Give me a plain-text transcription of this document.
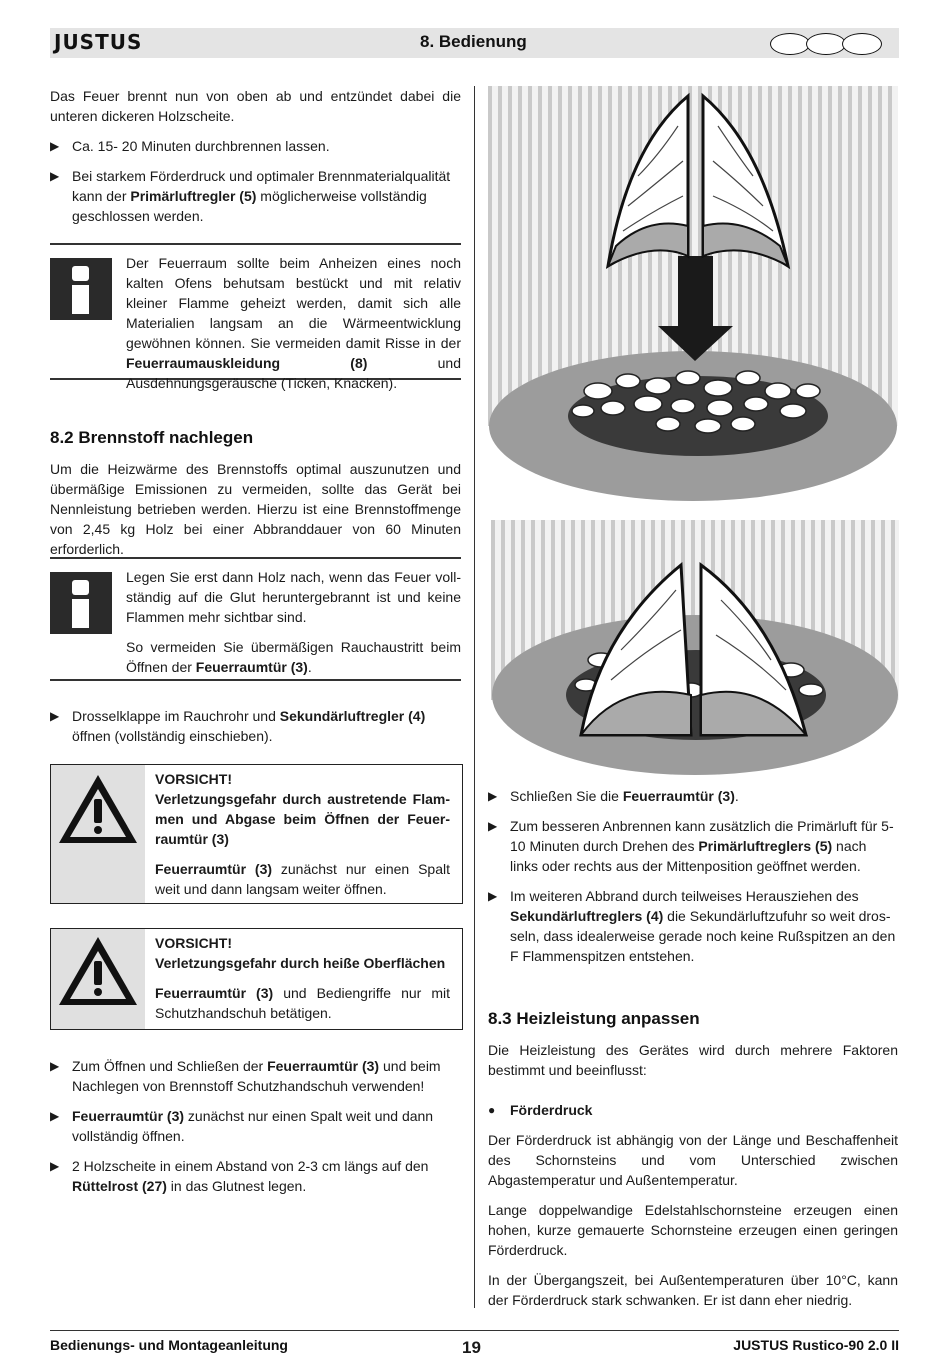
JUSTUS	8. Bedienung

Das Feuer brennt nun von oben ab und entzündet dabei die unteren dickeren Holzscheite.

▶ Ca. 15- 20 Minuten durchbrennen lassen.
▶ Bei starkem Förderdruck und optimaler Brennmaterialqualität kann der Primärluftregler (5) möglicherweise vollständig geschlossen werden.

Der Feuerraum sollte beim Anheizen eines noch kalten Ofens behutsam bestückt und mit relativ kleiner Flamme geheizt werden, damit sich alle Materialien langsam an die Wärmeentwicklung gewöhnen können. Sie vermeiden damit Risse in der Feuerraumauskleidung (8) und Ausdehnungsgeräusche (Ticken, Knacken).

8.2 Brennstoff nachlegen

Um die Heizwärme des Brennstoffs optimal auszunutzen und übermäßige Emissionen zu vermeiden, sollte das Gerät bei Nennleistung betrieben werden. Hierzu ist eine Brennstoffmenge von 2,45 kg Holz bei einer Abbranddauer von 60 Minuten erforderlich.

Legen Sie erst dann Holz nach, wenn das Feuer vollständig auf die Glut heruntergebrannt ist und keine Flammen mehr sichtbar sind.

So vermeiden Sie übermäßigen Rauchaustritt beim Öffnen der Feuerraumtür (3).

▶ Drosselklappe im Rauchrohr und Sekundärluftregler (4) öffnen (vollständig einschieben).

VORSICHT!

Verletzungsgefahr durch austretende Flammen und Abgase beim Öffnen der Feuerraumtür (3)

Feuerraumtür (3) zunächst nur einen Spalt weit und dann langsam weiter öffnen.

VORSICHT!

Verletzungsgefahr durch heiße Oberflächen

Feuerraumtür (3) und Bediengriffe nur mit Schutzhandschuh betätigen.

▶ Zum Öffnen und Schließen der Feuerraumtür (3) und beim Nachlegen von Brennstoff Schutzhandschuh verwenden!
▶ Feuerraumtür (3) zunächst nur einen Spalt weit und dann vollständig öffnen.
▶ 2 Holzscheite in einem Abstand von 2-3 cm längs auf den Rüttelrost (27) in das Glutnest legen.
▶ Schließen Sie die Feuerraumtür (3).
▶ Zum besseren Anbrennen kann zusätzlich die Primärluft für 5-10 Minuten durch Drehen des Primärluftreglers (5) nach links oder rechts aus der Mittenposition geöffnet werden.
▶ Im weiteren Abbrand durch teilweises Herausziehen des Sekundärluftreglers (4) die Sekundärluftzufuhr so weit drosseln, dass idealerweise gerade noch keine Rußspitzen an den F Flammenspitzen entstehen.
8.3 Heizleistung anpassen

Die Heizleistung des Gerätes wird durch mehrere Faktoren bestimmt und beeinflusst:

●	Förderdruck

Der Förderdruck ist abhängig von der Länge und Beschaffenheit des Schornsteins und vom Unterschied zwischen Abgastemperatur und Außentemperatur.

Lange doppelwandige Edelstahlschornsteine erzeugen einen hohen, kurze gemauerte Schornsteine erzeugen einen geringen Förderdruck.

In der Übergangszeit, bei Außentemperaturen über 10°C, kann der Förderdruck stark schwanken. Er ist dann eher niedrig.

Bedienungs- und Montageanleitung	19	JUSTUS Rustico-90 2.0 II
